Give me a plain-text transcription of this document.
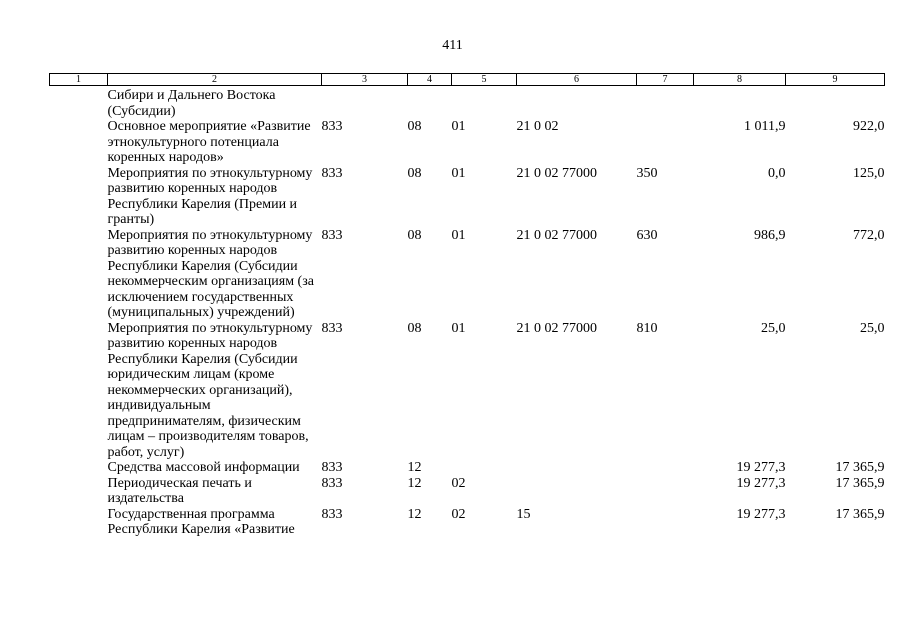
411
1	2	3	4	5	6	7	8	9
	Сибири и Дальнего Востока (Субсидии)							
	Основное мероприятие «Развитие этнокультурного потенциала коренных народов»	833	08	01	21 0 02		1 011,9	922,0
	Мероприятия по этнокультурному развитию коренных народов Республики Карелия (Премии и гранты)	833	08	01	21 0 02 77000	350	0,0	125,0
	Мероприятия по этнокультурному развитию коренных народов Республики Карелия (Субсидии некоммерческим организациям (за исключением государственных (муниципальных) учреждений)	833	08	01	21 0 02 77000	630	986,9	772,0
	Мероприятия по этнокультурному развитию коренных народов Республики Карелия (Субсидии юридическим лицам (кроме некоммерческих организаций), индивидуальным предпринимателям, физическим лицам – производителям товаров, работ, услуг)	833	08	01	21 0 02 77000	810	25,0	25,0
	Средства массовой информации	833	12				19 277,3	17 365,9
	Периодическая печать и издательства	833	12	02			19 277,3	17 365,9
	Государственная программа Республики Карелия «Развитие	833	12	02	15		19 277,3	17 365,9
